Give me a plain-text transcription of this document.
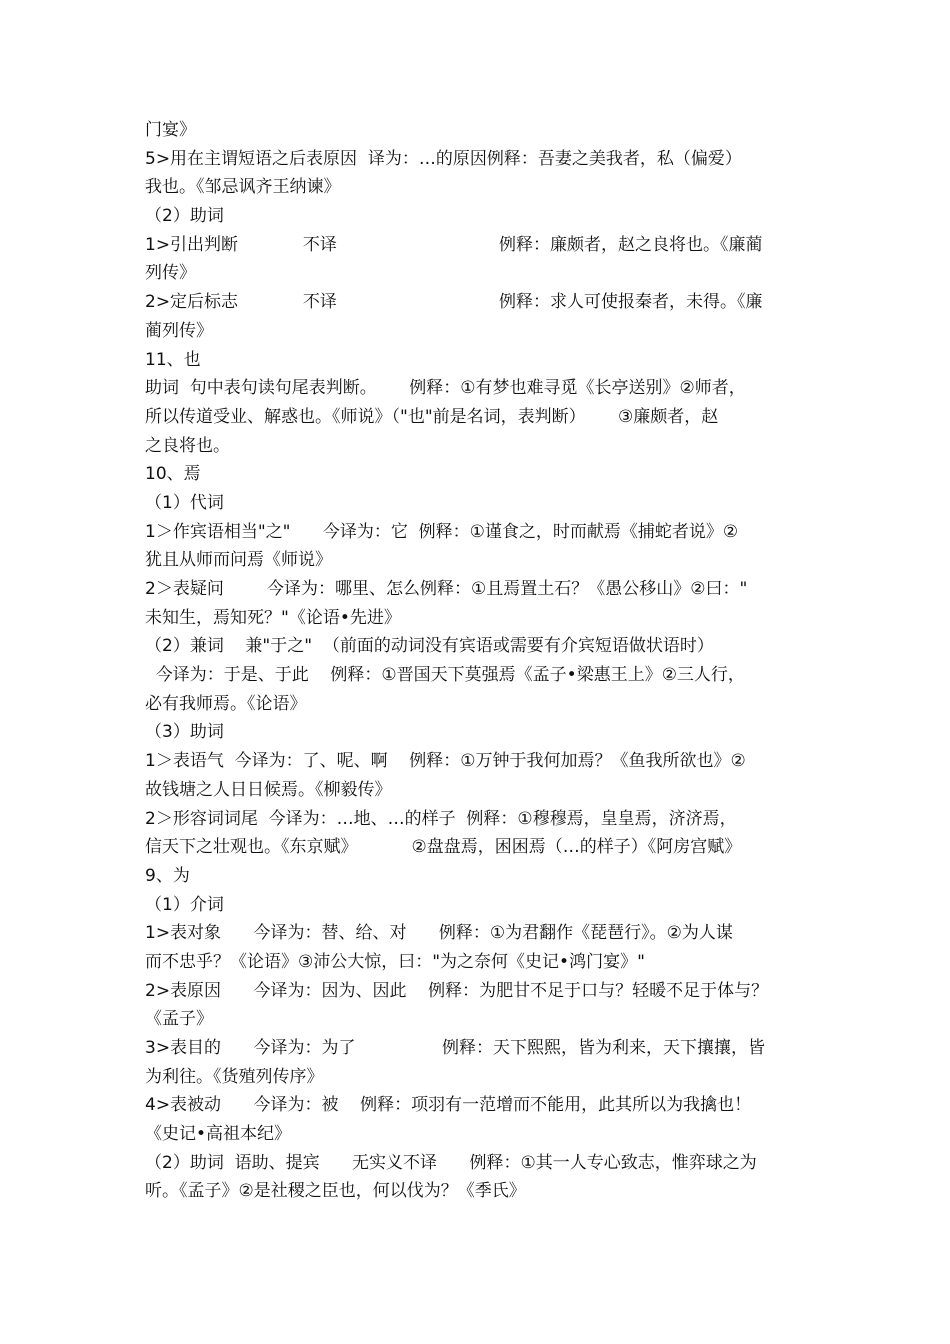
门宴》
5>用在主谓短语之后表原因  译为：…的原因例释：吾妻之美我者，私（偏爱）
我也。《邹忌讽齐王纳谏》
（2）助词
1>引出判断            不译                              例释：廉颇者，赵之良将也。《廉蔺
列传》
2>定后标志            不译                              例释：求人可使报秦者，未得。《廉
蔺列传》
11、也
助词  句中表句读句尾表判断。      例释：①有梦也难寻觅《长亭送别》②师者，
所以传道受业、解惑也。《师说》（"也"前是名词，表判断）      ③廉颇者，赵
之良将也。
10、焉
（1）代词
1＞作宾语相当"之"      今译为：它  例释：①谨食之，时而献焉《捕蛇者说》②
犹且从师而问焉《师说》
2＞表疑问        今译为：哪里、怎么例释：①且焉置土石？《愚公移山》②曰："
未知生，焉知死？"《论语•先进》
（2）兼词    兼"于之"  （前面的动词没有宾语或需要有介宾短语做状语时）
今译为：于是、于此    例释：①晋国天下莫强焉《孟子•梁惠王上》②三人行，
必有我师焉。《论语》
（3）助词
1＞表语气  今译为：了、呢、啊    例释：①万钟于我何加焉？《鱼我所欲也》②
故钱塘之人日日候焉。《柳毅传》
2＞形容词词尾  今译为：…地、…的样子  例释：①穆穆焉，皇皇焉，济济焉，
信天下之壮观也。《东京赋》          ②盘盘焉，困困焉（…的样子）《阿房宫赋》
9、为
（1）介词
1>表对象      今译为：替、给、对      例释：①为君翻作《琵琶行》。②为人谋
而不忠乎？《论语》③沛公大惊，曰："为之奈何《史记•鸿门宴》"
2>表原因      今译为：因为、因此    例释：为肥甘不足于口与？轻暖不足于体与？
《孟子》
3>表目的      今译为：为了                例释：天下熙熙，皆为利来，天下攘攘，皆
为利往。《货殖列传序》
4>表被动      今译为：被    例释：项羽有一范增而不能用，此其所以为我擒也！
《史记•高祖本纪》
（2）助词  语助、提宾      无实义不译      例释：①其一人专心致志，惟弈球之为
听。《孟子》②是社稷之臣也，何以伐为？《季氏》
